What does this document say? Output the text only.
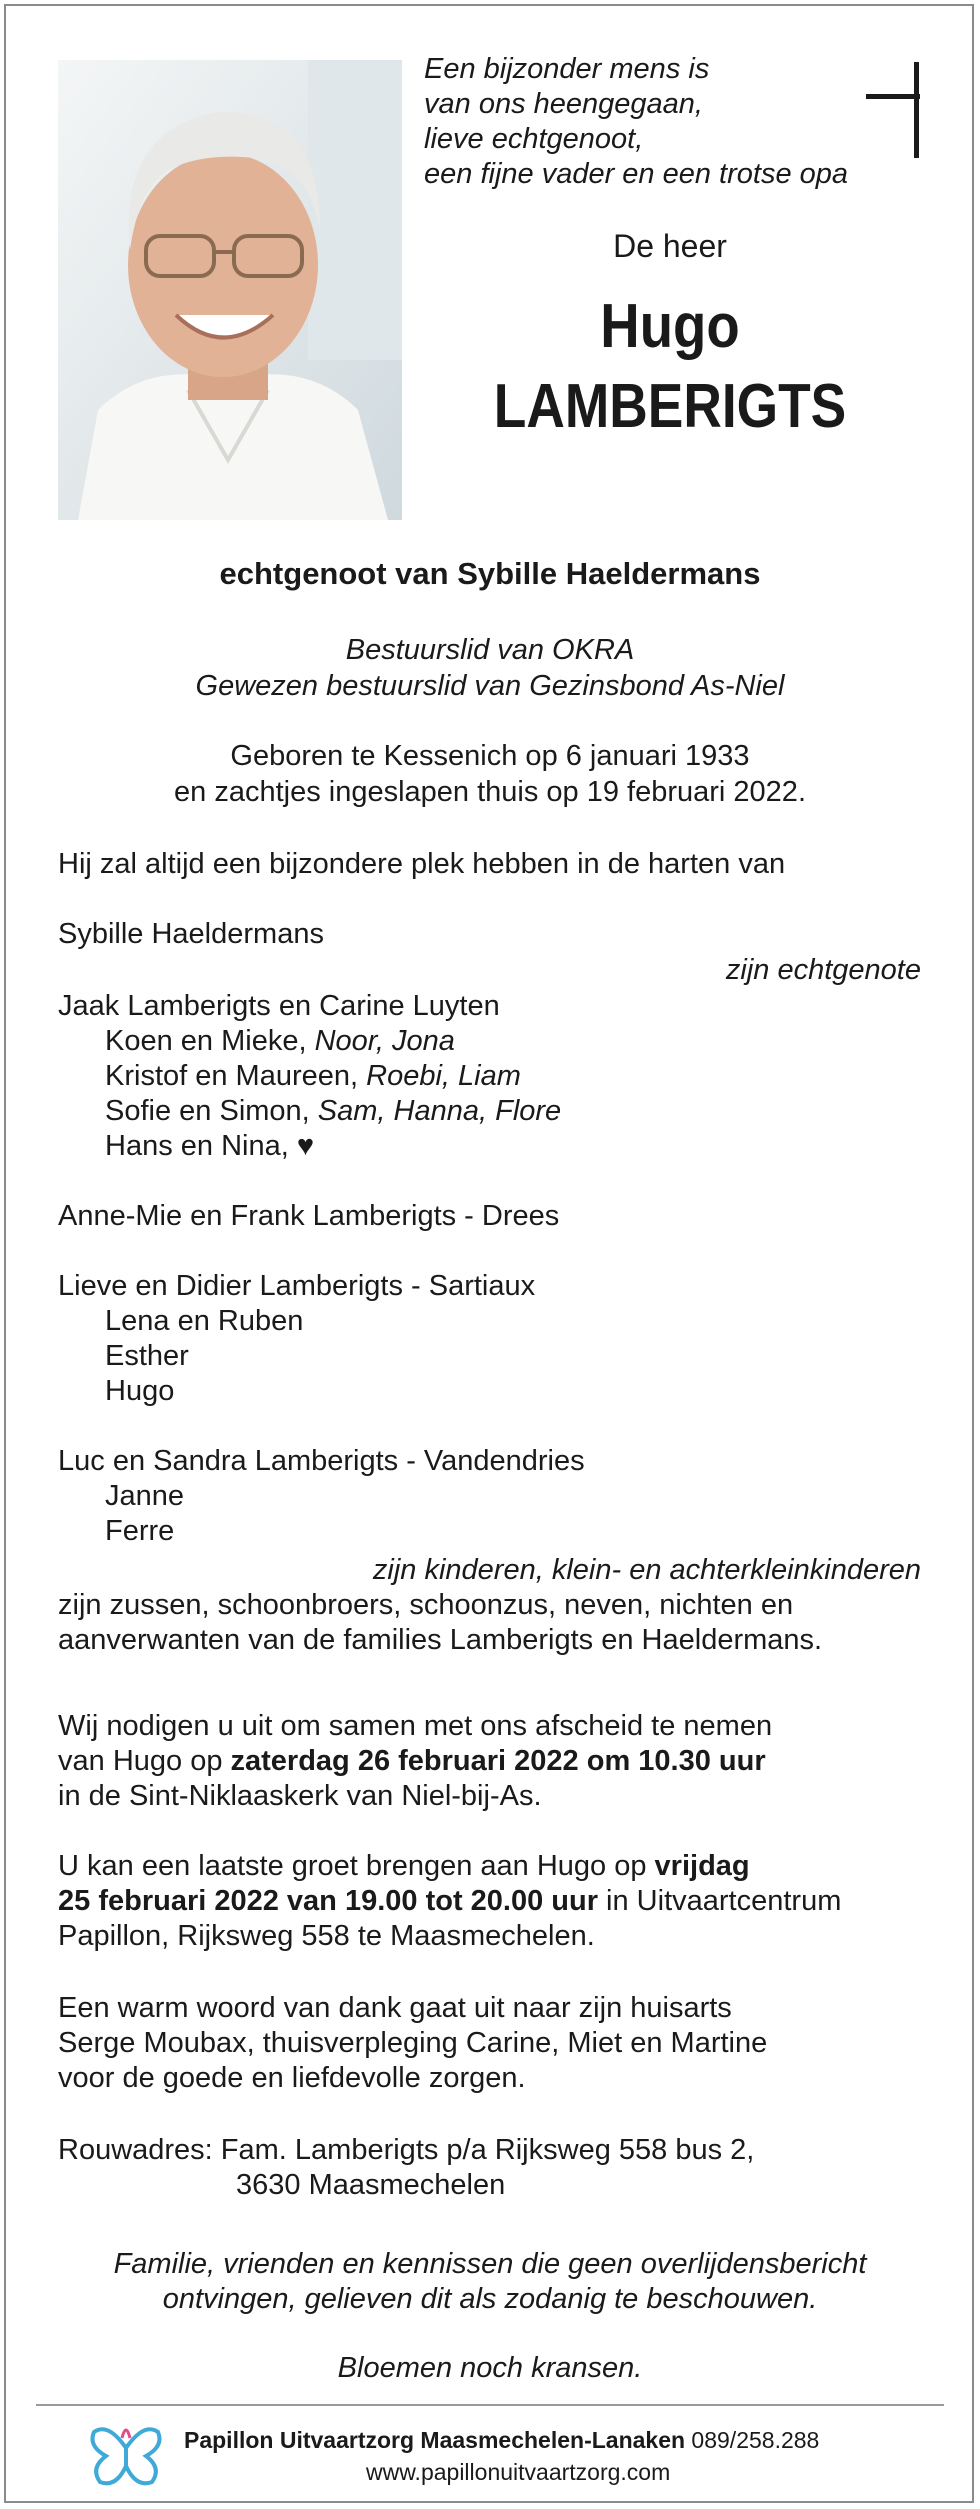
Een bijzonder mens is
van ons heengegaan,
lieve echtgenoot,
een fijne vader en een trotse opa
De heer
Hugo
LAMBERIGTS
echtgenoot van Sybille Haeldermans
Bestuurslid van OKRA
Gewezen bestuurslid van Gezinsbond As-Niel
Geboren te Kessenich op 6 januari 1933
en zachtjes ingeslapen thuis op 19 februari 2022.
Hij zal altijd een bijzondere plek hebben in de harten van
Sybille Haeldermans
zijn echtgenote
Jaak Lamberigts en Carine Luyten
Koen en Mieke, Noor, Jona
Kristof en Maureen, Roebi, Liam
Sofie en Simon, Sam, Hanna, Flore
Hans en Nina, ♥
Anne-Mie en Frank Lamberigts - Drees
Lieve en Didier Lamberigts - Sartiaux
Lena en Ruben
Esther
Hugo
Luc en Sandra Lamberigts - Vandendries
Janne
Ferre
zijn kinderen, klein- en achterkleinkinderen
zijn zussen, schoonbroers, schoonzus, neven, nichten en
aanverwanten van de families Lamberigts en Haeldermans.
Wij nodigen u uit om samen met ons afscheid te nemen
van Hugo op zaterdag 26 februari 2022 om 10.30 uur
in de Sint-Niklaaskerk van Niel-bij-As.
U kan een laatste groet brengen aan Hugo op vrijdag
25 februari 2022 van 19.00 tot 20.00 uur in Uitvaartcentrum
Papillon, Rijksweg 558 te Maasmechelen.
Een warm woord van dank gaat uit naar zijn huisarts
Serge Moubax, thuisverpleging Carine, Miet en Martine
voor de goede en liefdevolle zorgen.
Rouwadres: Fam. Lamberigts p/a Rijksweg 558 bus 2,
3630 Maasmechelen
Familie, vrienden en kennissen die geen overlijdensbericht
ontvingen, gelieven dit als zodanig te beschouwen.
Bloemen noch kransen.
Papillon Uitvaartzorg Maasmechelen-Lanaken 089/258.288
www.papillonuitvaartzorg.com
